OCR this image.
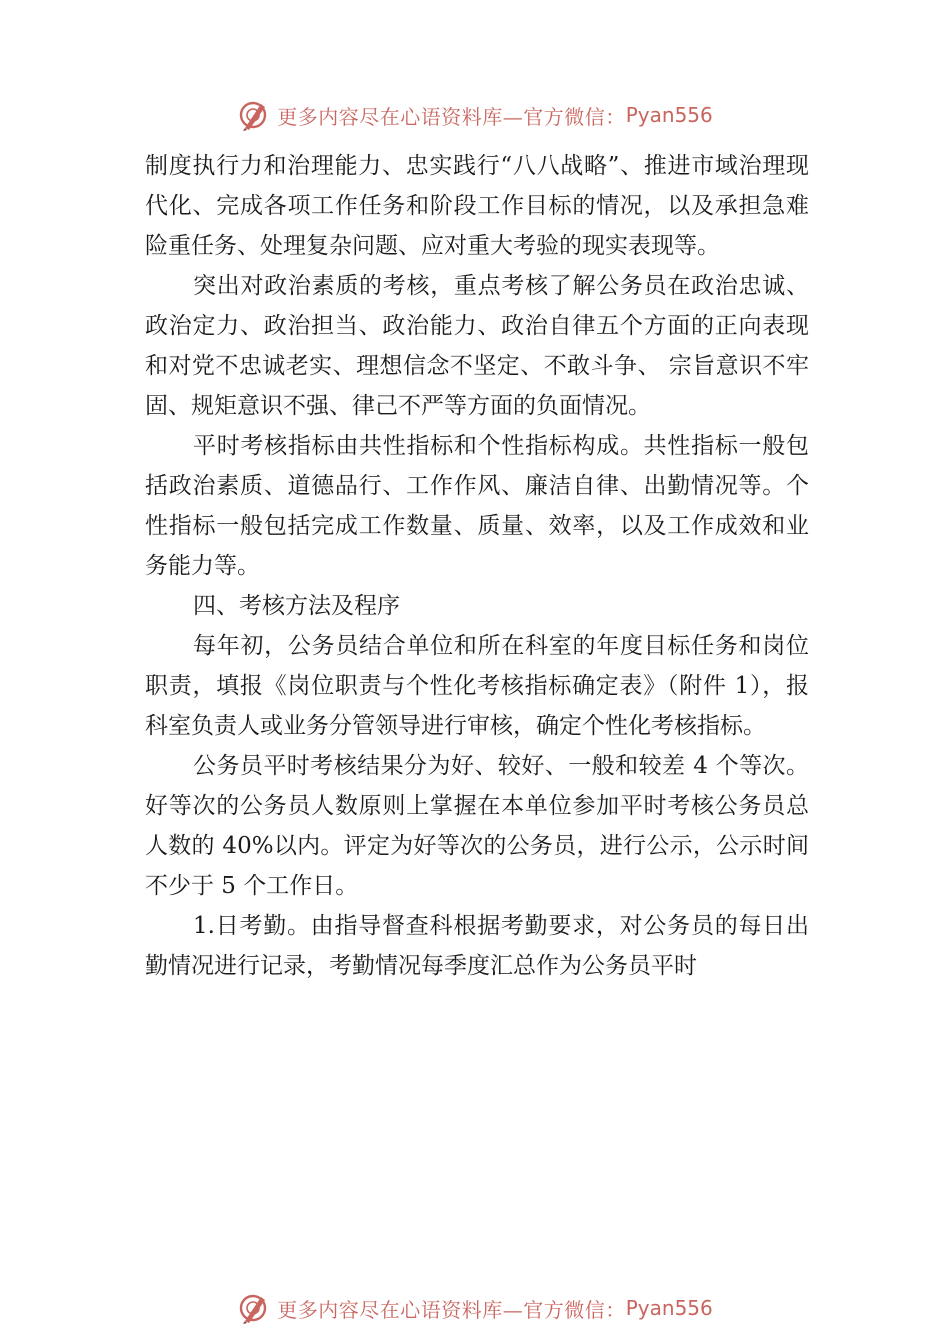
更多内容尽在心语资料库—官方微信： Pyan556

制度执行力和治理能力、忠实践行“八八战略”、推进市域治理现代化、完成各项工作任务和阶段工作目标的情况，以及承担急难险重任务、处理复杂问题、应对重大考验的现实表现等。

突出对政治素质的考核，重点考核了解公务员在政治忠诚、政治定力、政治担当、政治能力、政治自律五个方面的正向表现和对党不忠诚老实、理想信念不坚定、不敢斗争、 宗旨意识不牢固、规矩意识不强、律己不严等方面的负面情况。

平时考核指标由共性指标和个性指标构成。共性指标一般包括政治素质、道德品行、工作作风、廉洁自律、出勤情况等。个性指标一般包括完成工作数量、质量、效率，以及工作成效和业务能力等。

四、考核方法及程序

每年初，公务员结合单位和所在科室的年度目标任务和岗位职责，填报《岗位职责与个性化考核指标确定表》（附件 1），报科室负责人或业务分管领导进行审核，确定个性化考核指标。

公务员平时考核结果分为好、较好、一般和较差 4 个等次。好等次的公务员人数原则上掌握在本单位参加平时考核公务员总人数的 40%以内。评定为好等次的公务员，进行公示，公示时间不少于 5 个工作日。

1.日考勤。由指导督查科根据考勤要求，对公务员的每日出勤情况进行记录，考勤情况每季度汇总作为公务员平时

更多内容尽在心语资料库—官方微信： Pyan556
